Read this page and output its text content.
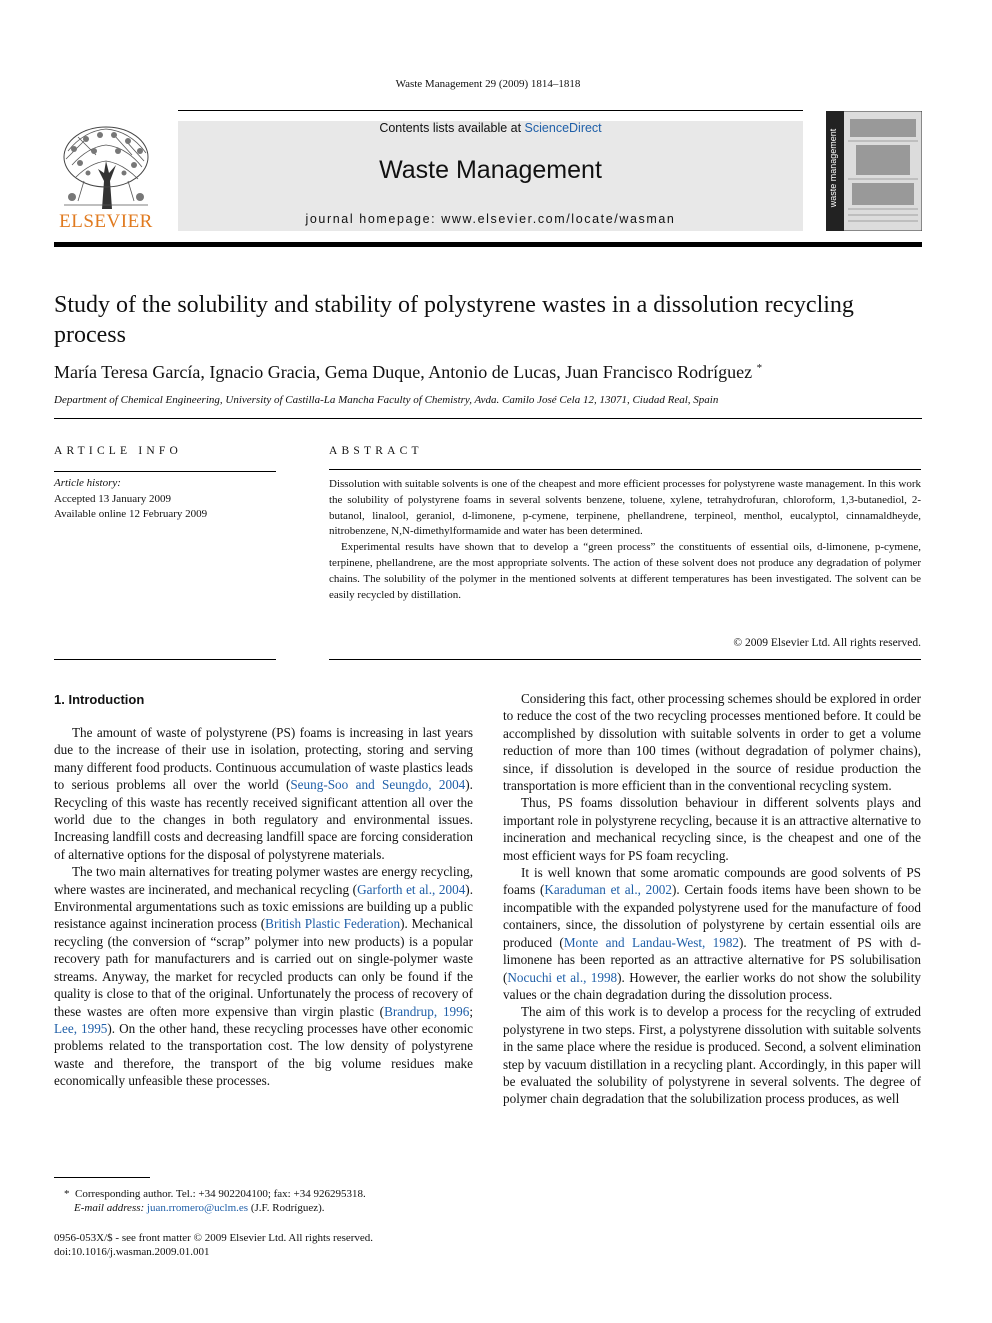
Waste Management 29 (2009) 1814–1818
ELSEVIER
Contents lists available at ScienceDirect
Waste Management
journal homepage: www.elsevier.com/locate/wasman
waste management
Study of the solubility and stability of polystyrene wastes in a dissolution recycling process
María Teresa García, Ignacio Gracia, Gema Duque, Antonio de Lucas, Juan Francisco Rodríguez *
Department of Chemical Engineering, University of Castilla-La Mancha Faculty of Chemistry, Avda. Camilo José Cela 12, 13071, Ciudad Real, Spain
ARTICLE INFO
Article history:
Accepted 13 January 2009
Available online 12 February 2009
ABSTRACT

Dissolution with suitable solvents is one of the cheapest and more efficient processes for polystyrene waste management. In this work the solubility of polystyrene foams in several solvents benzene, toluene, xylene, tetrahydrofuran, chloroform, 1,3-butanediol, 2-butanol, linalool, geraniol, d-limonene, p-cymene, terpinene, phellandrene, terpineol, menthol, eucalyptol, cinnamaldheyde, nitrobenzene, N,N-dimethylformamide and water has been determined.

Experimental results have shown that to develop a “green process” the constituents of essential oils, d-limonene, p-cymene, terpinene, phellandrene, are the most appropriate solvents. The action of these solvent does not produce any degradation of polymer chains. The solubility of the polymer in the mentioned solvents at different temperatures has been investigated. The solvent can be easily recycled by distillation.

© 2009 Elsevier Ltd. All rights reserved.
1. Introduction

The amount of waste of polystyrene (PS) foams is increasing in last years due to the increase of their use in isolation, protecting, storing and serving many different food products. Continuous accumulation of waste plastics leads to serious problems all over the world (Seung-Soo and Seungdo, 2004). Recycling of this waste has recently received significant attention all over the world due to the changes in both regulatory and environmental issues. Increasing landfill costs and decreasing landfill space are forcing consideration of alternative options for the disposal of polystyrene materials.

The two main alternatives for treating polymer wastes are energy recycling, where wastes are incinerated, and mechanical recycling (Garforth et al., 2004). Environmental argumentations such as toxic emissions are building up a public resistance against incineration process (British Plastic Federation). Mechanical recycling (the conversion of “scrap” polymer into new products) is a popular recovery path for manufacturers and is carried out on single-polymer waste streams. Anyway, the market for recycled products can only be found if the quality is close to that of the original. Unfortunately the process of recovery of these wastes are often more expensive than virgin plastic (Brandrup, 1996; Lee, 1995). On the other hand, these recycling processes have other economic problems related to the transportation cost. The low density of polystyrene waste and therefore, the transport of the big volume residues make economically unfeasible these processes.

Considering this fact, other processing schemes should be explored in order to reduce the cost of the two recycling processes mentioned before. It could be accomplished by dissolution with suitable solvents in order to get a volume reduction of more than 100 times (without degradation of polymer chains), since, if dissolution is developed in the source of residue production the transportation is more efficient than in the conventional recycling system.

Thus, PS foams dissolution behaviour in different solvents plays and important role in polystyrene recycling, because it is an attractive alternative to incineration and mechanical recycling since, is the cheapest and one of the most efficient ways for PS foam recycling.

It is well known that some aromatic compounds are good solvents of PS foams (Karaduman et al., 2002). Certain foods items have been shown to be incompatible with the expanded polystyrene used for the manufacture of food containers, since, the dissolution of polystyrene by certain essential oils are produced (Monte and Landau-West, 1982). The treatment of PS with d-limonene has been reported as an attractive alternative for PS solubilisation (Nocuchi et al., 1998). However, the earlier works do not show the solubility values or the chain degradation during the dissolution process.

The aim of this work is to develop a process for the recycling of extruded polystyrene in two steps. First, a polystyrene dissolution with suitable solvents in the same place where the residue is produced. Second, a solvent elimination step by vacuum distillation in a recycling plant. Accordingly, in this paper will be evaluated the solubility of polystyrene in several solvents. The degree of polymer chain degradation that the solubilization process produces, as well

* Corresponding author. Tel.: +34 902204100; fax: +34 926295318.
E-mail address: juan.rromero@uclm.es (J.F. Rodríguez).
0956-053X/$ - see front matter © 2009 Elsevier Ltd. All rights reserved.
doi:10.1016/j.wasman.2009.01.001
